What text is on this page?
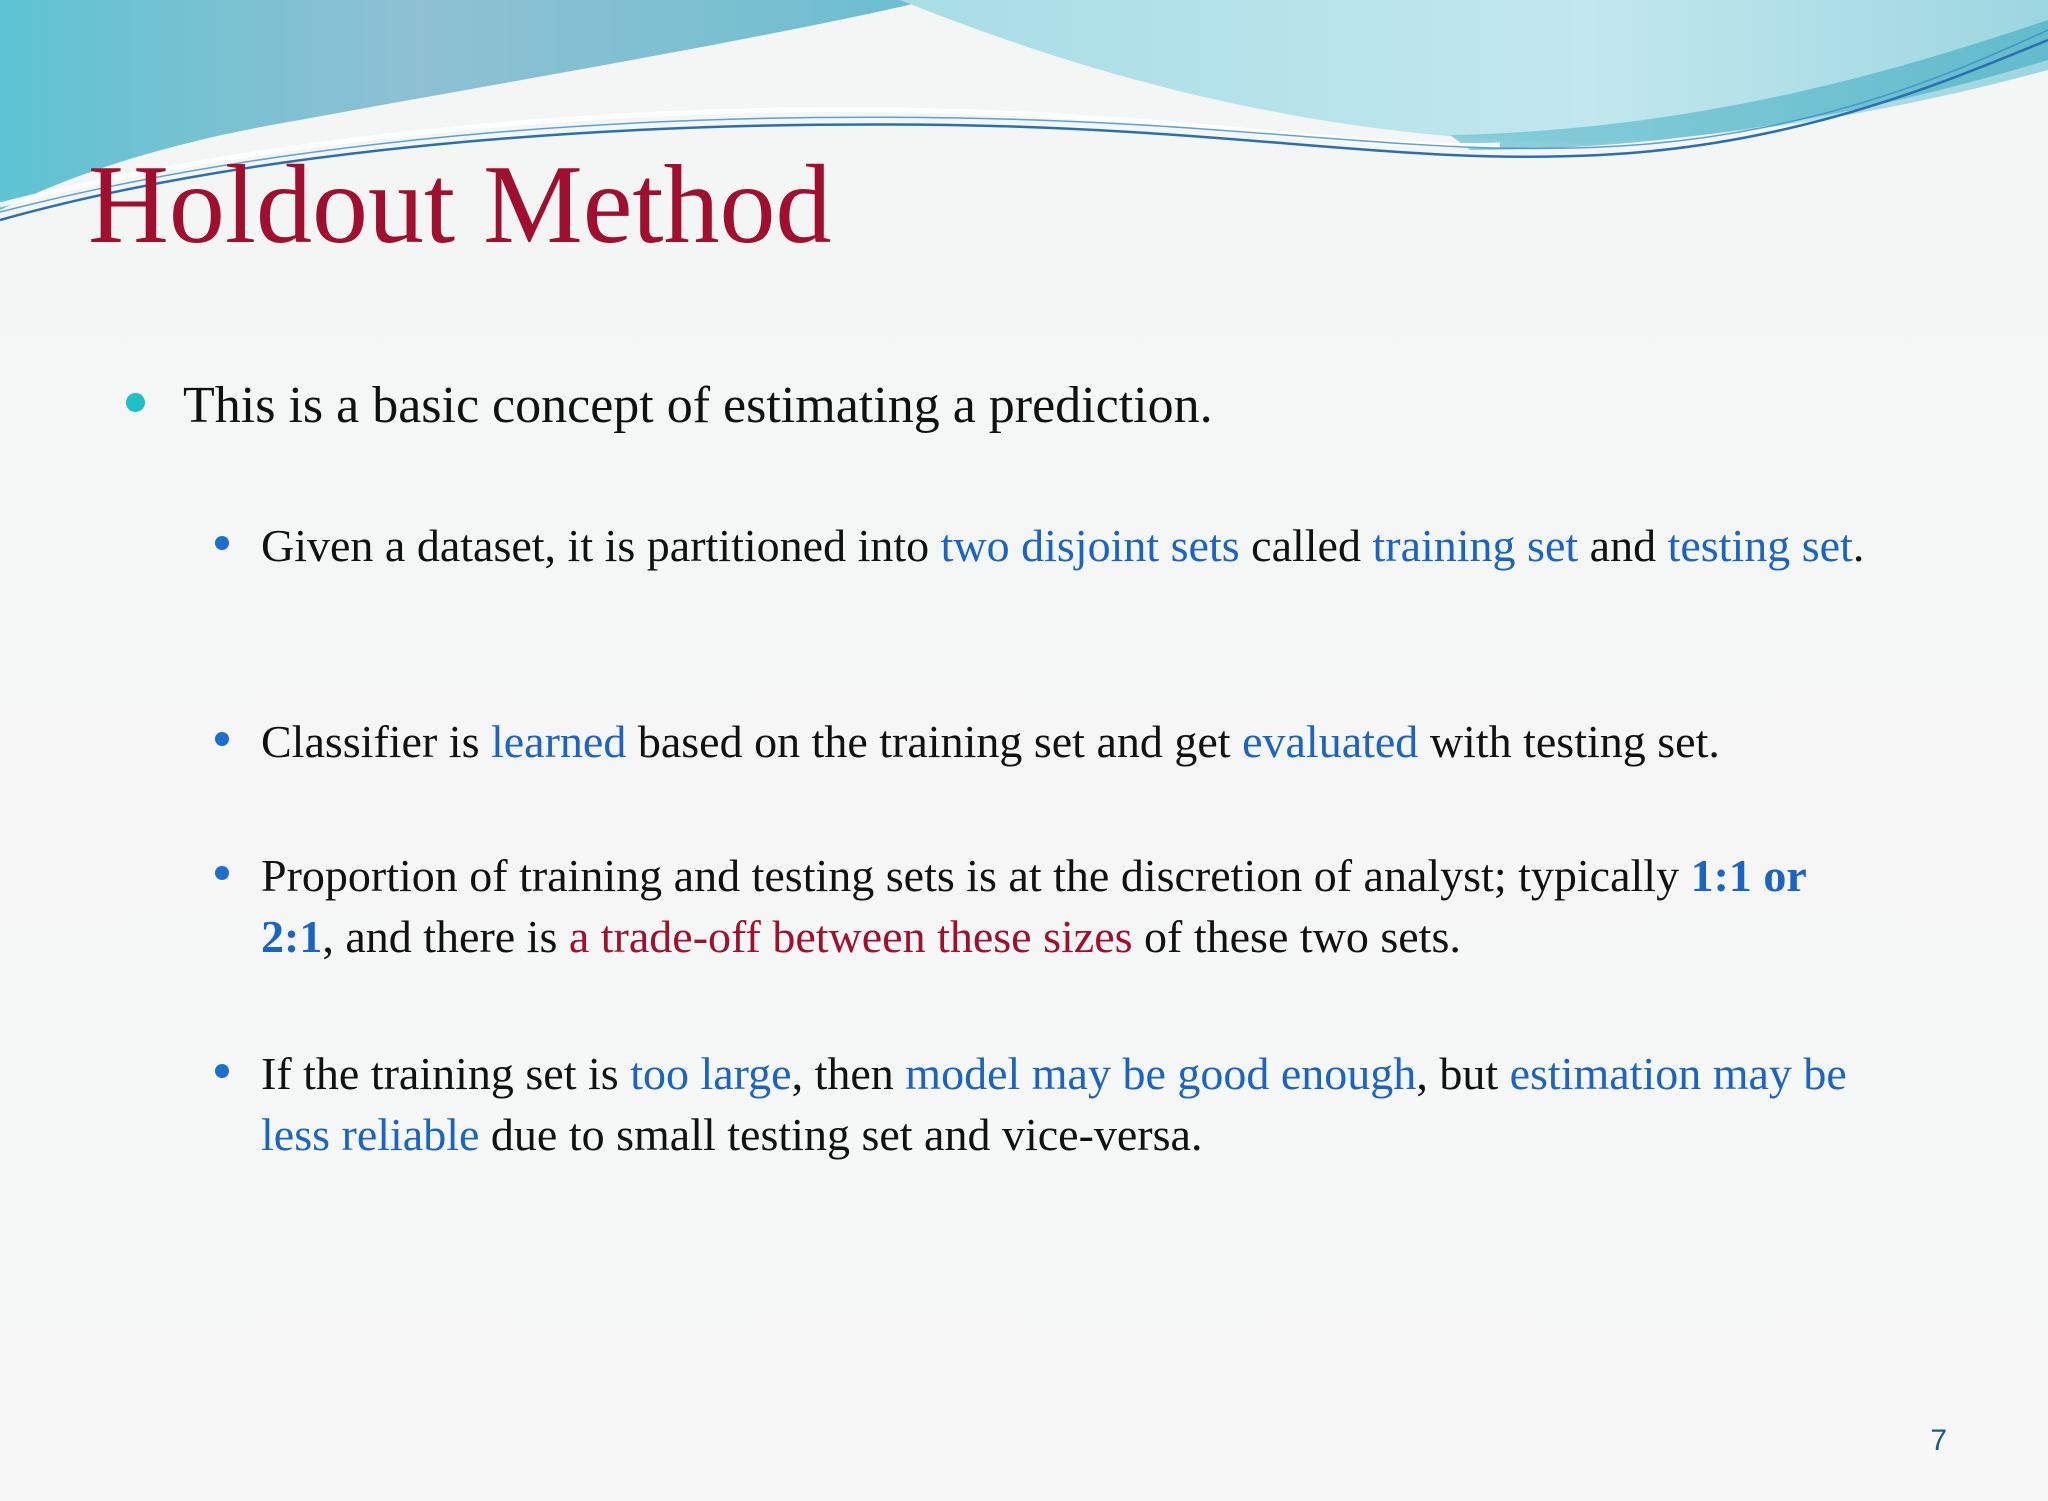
Holdout Method
This is a basic concept of estimating a prediction.
Given a dataset, it is partitioned into two disjoint sets called training set and testing set.
Classifier is learned based on the training set and get evaluated with testing set.
Proportion of training and testing sets is at the discretion of analyst; typically 1:1 or 2:1, and there is a trade-off between these sizes of these two sets.
If the training set is too large, then model may be good enough, but estimation may be less reliable due to small testing set and vice-versa.
7
